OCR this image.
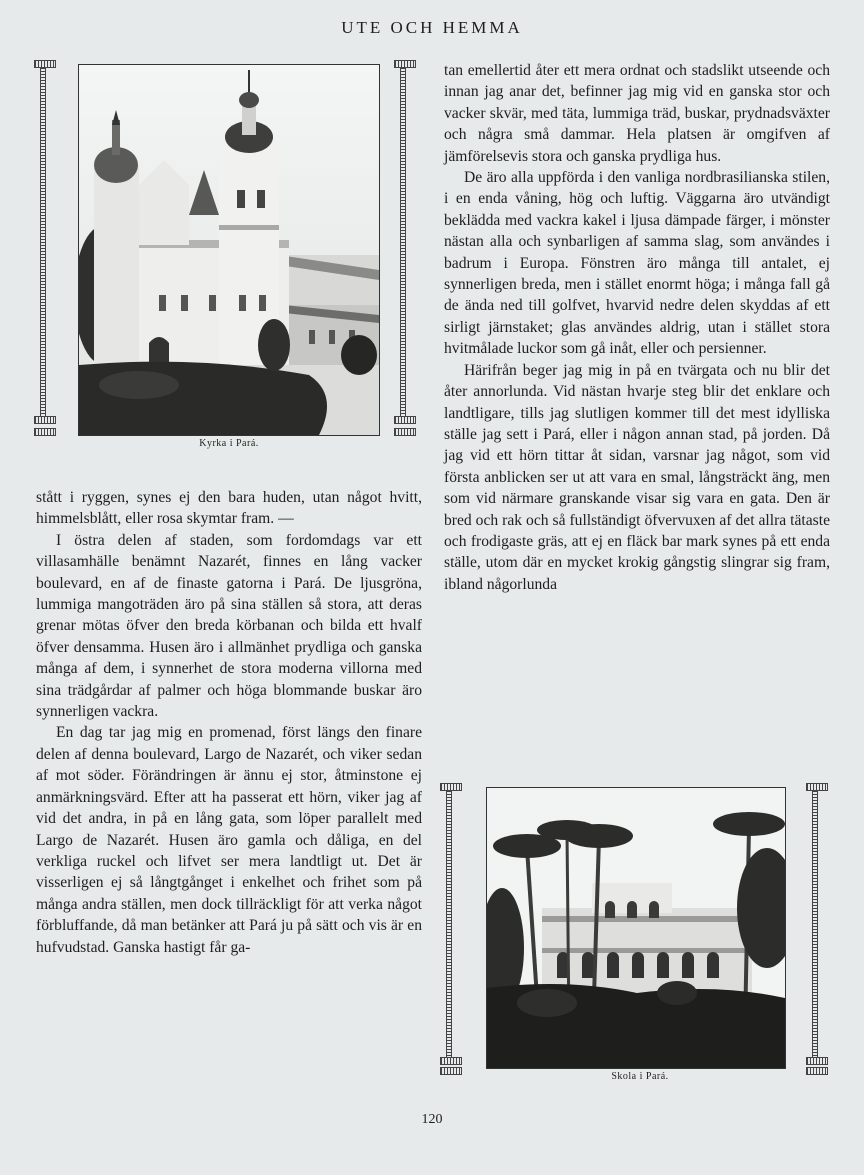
UTE OCH HEMMA
Kyrka i Pará.

stått i ryggen, synes ej den bara huden, utan något hvitt, himmelsblått, eller rosa skymtar fram. —

I östra delen af staden, som fordomdags var ett villasamhälle benämnt Nazarét, finnes en lång vacker boulevard, en af de finaste gatorna i Pará. De ljusgröna, lummiga mangoträden äro på sina ställen så stora, att deras grenar mötas öfver den breda körbanan och bilda ett hvalf öfver densamma. Husen äro i allmänhet prydliga och ganska många af dem, i synnerhet de stora moderna villorna med sina trädgårdar af palmer och höga blommande buskar äro synnerligen vackra.

En dag tar jag mig en promenad, först längs den finare delen af denna boulevard, Largo de Nazarét, och viker sedan af mot söder. Förändringen är ännu ej stor, åtminstone ej anmärkningsvärd. Efter att ha passerat ett hörn, viker jag af vid det andra, in på en lång gata, som löper parallelt med Largo de Nazarét. Husen äro gamla och dåliga, en del verkliga ruckel och lifvet ser mera landtligt ut. Det är visserligen ej så långtgånget i enkelhet och frihet som på många andra ställen, men dock tillräckligt för att verka något förbluffande, då man betänker att Pará ju på sätt och vis är en hufvudstad. Ganska hastigt får ga-

tan emellertid åter ett mera ordnat och stadslikt utseende och innan jag anar det, befinner jag mig vid en ganska stor och vacker skvär, med täta, lummiga träd, buskar, prydnadsväxter och några små dammar. Hela platsen är omgifven af jämförelsevis stora och ganska prydliga hus.

De äro alla uppförda i den vanliga nordbrasilianska stilen, i en enda våning, hög och luftig. Väggarna äro utvändigt beklädda med vackra kakel i ljusa dämpade färger, i mönster nästan alla och synbarligen af samma slag, som användes i badrum i Europa. Fönstren äro många till antalet, ej synnerligen breda, men i stället enormt höga; i många fall gå de ända ned till golfvet, hvarvid nedre delen skyddas af ett sirligt järnstaket; glas användes aldrig, utan i stället stora hvitmålade luckor som gå inåt, eller och persienner.

Härifrån beger jag mig in på en tvärgata och nu blir det åter annorlunda. Vid nästan hvarje steg blir det enklare och landtligare, tills jag slutligen kommer till det mest idylliska ställe jag sett i Pará, eller i någon annan stad, på jorden. Då jag vid ett hörn tittar åt sidan, varsnar jag något, som vid första anblicken ser ut att vara en smal, långsträckt äng, men som vid närmare granskande visar sig vara en gata. Den är bred och rak och så fullständigt öfvervuxen af det allra tätaste och frodigaste gräs, att ej en fläck bar mark synes på ett enda ställe, utom där en mycket krokig gångstig slingrar sig fram, ibland någorlunda

Skola i Pará.
120
